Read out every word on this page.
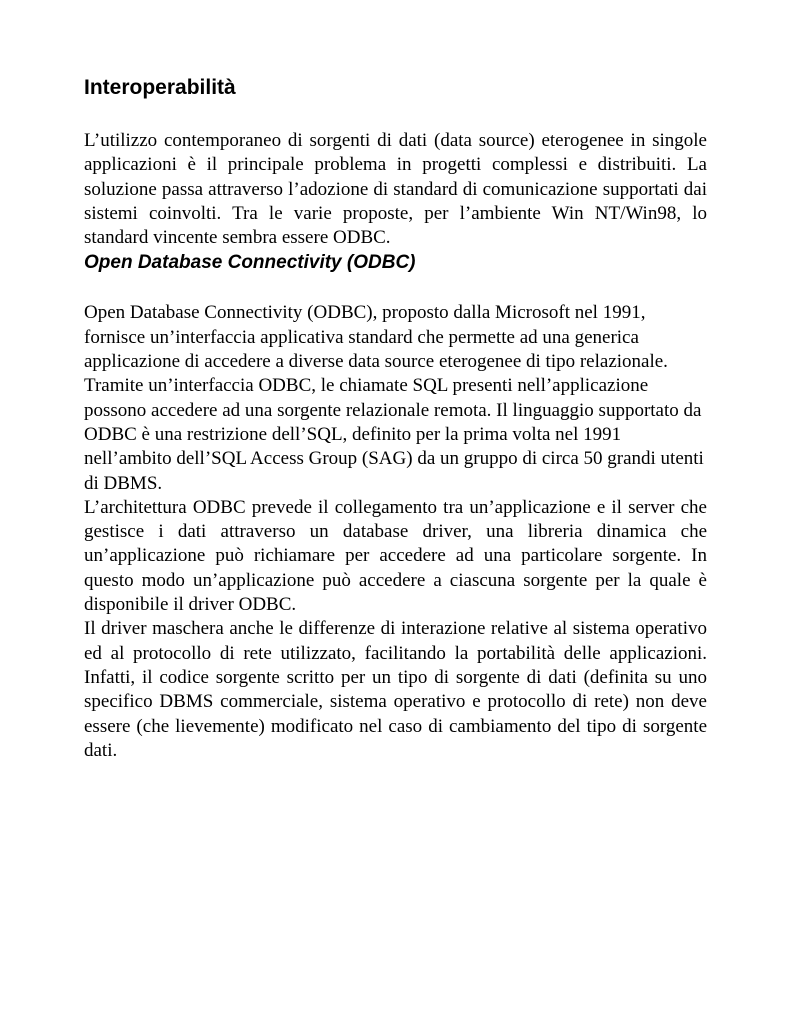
Interoperabilità

L’utilizzo contemporaneo di sorgenti di dati (data source) eterogenee in singole applicazioni è il principale problema in progetti complessi e distribuiti. La soluzione passa attraverso l’adozione di standard di comunicazione supportati dai sistemi coinvolti. Tra le varie proposte, per l’ambiente Win NT/Win98, lo standard vincente sembra essere ODBC.

Open Database Connectivity (ODBC)

Open Database Connectivity (ODBC), proposto dalla Microsoft nel 1991, fornisce un’interfaccia applicativa standard che permette ad una generica applicazione di accedere a diverse data source eterogenee di tipo relazionale. Tramite un’interfaccia ODBC, le chiamate SQL presenti nell’applicazione possono accedere ad una sorgente relazionale remota. Il linguaggio supportato da ODBC è una restrizione dell’SQL, definito per la prima volta nel 1991 nell’ambito dell’SQL Access Group (SAG) da un gruppo di circa 50 grandi utenti di DBMS.

L’architettura ODBC prevede il collegamento tra un’applicazione e il server che gestisce i dati attraverso un database driver, una libreria dinamica che un’applicazione può richiamare per accedere ad una particolare sorgente. In questo modo un’applicazione può accedere a ciascuna sorgente per la quale è disponibile il driver ODBC.

Il driver maschera anche le differenze di interazione relative al sistema operativo ed al protocollo di rete utilizzato, facilitando la portabilità delle applicazioni. Infatti, il codice sorgente scritto per un tipo di sorgente di dati (definita su uno specifico DBMS commerciale, sistema operativo e protocollo di rete) non deve essere (che lievemente) modificato nel caso di cambiamento del tipo di sorgente dati.
